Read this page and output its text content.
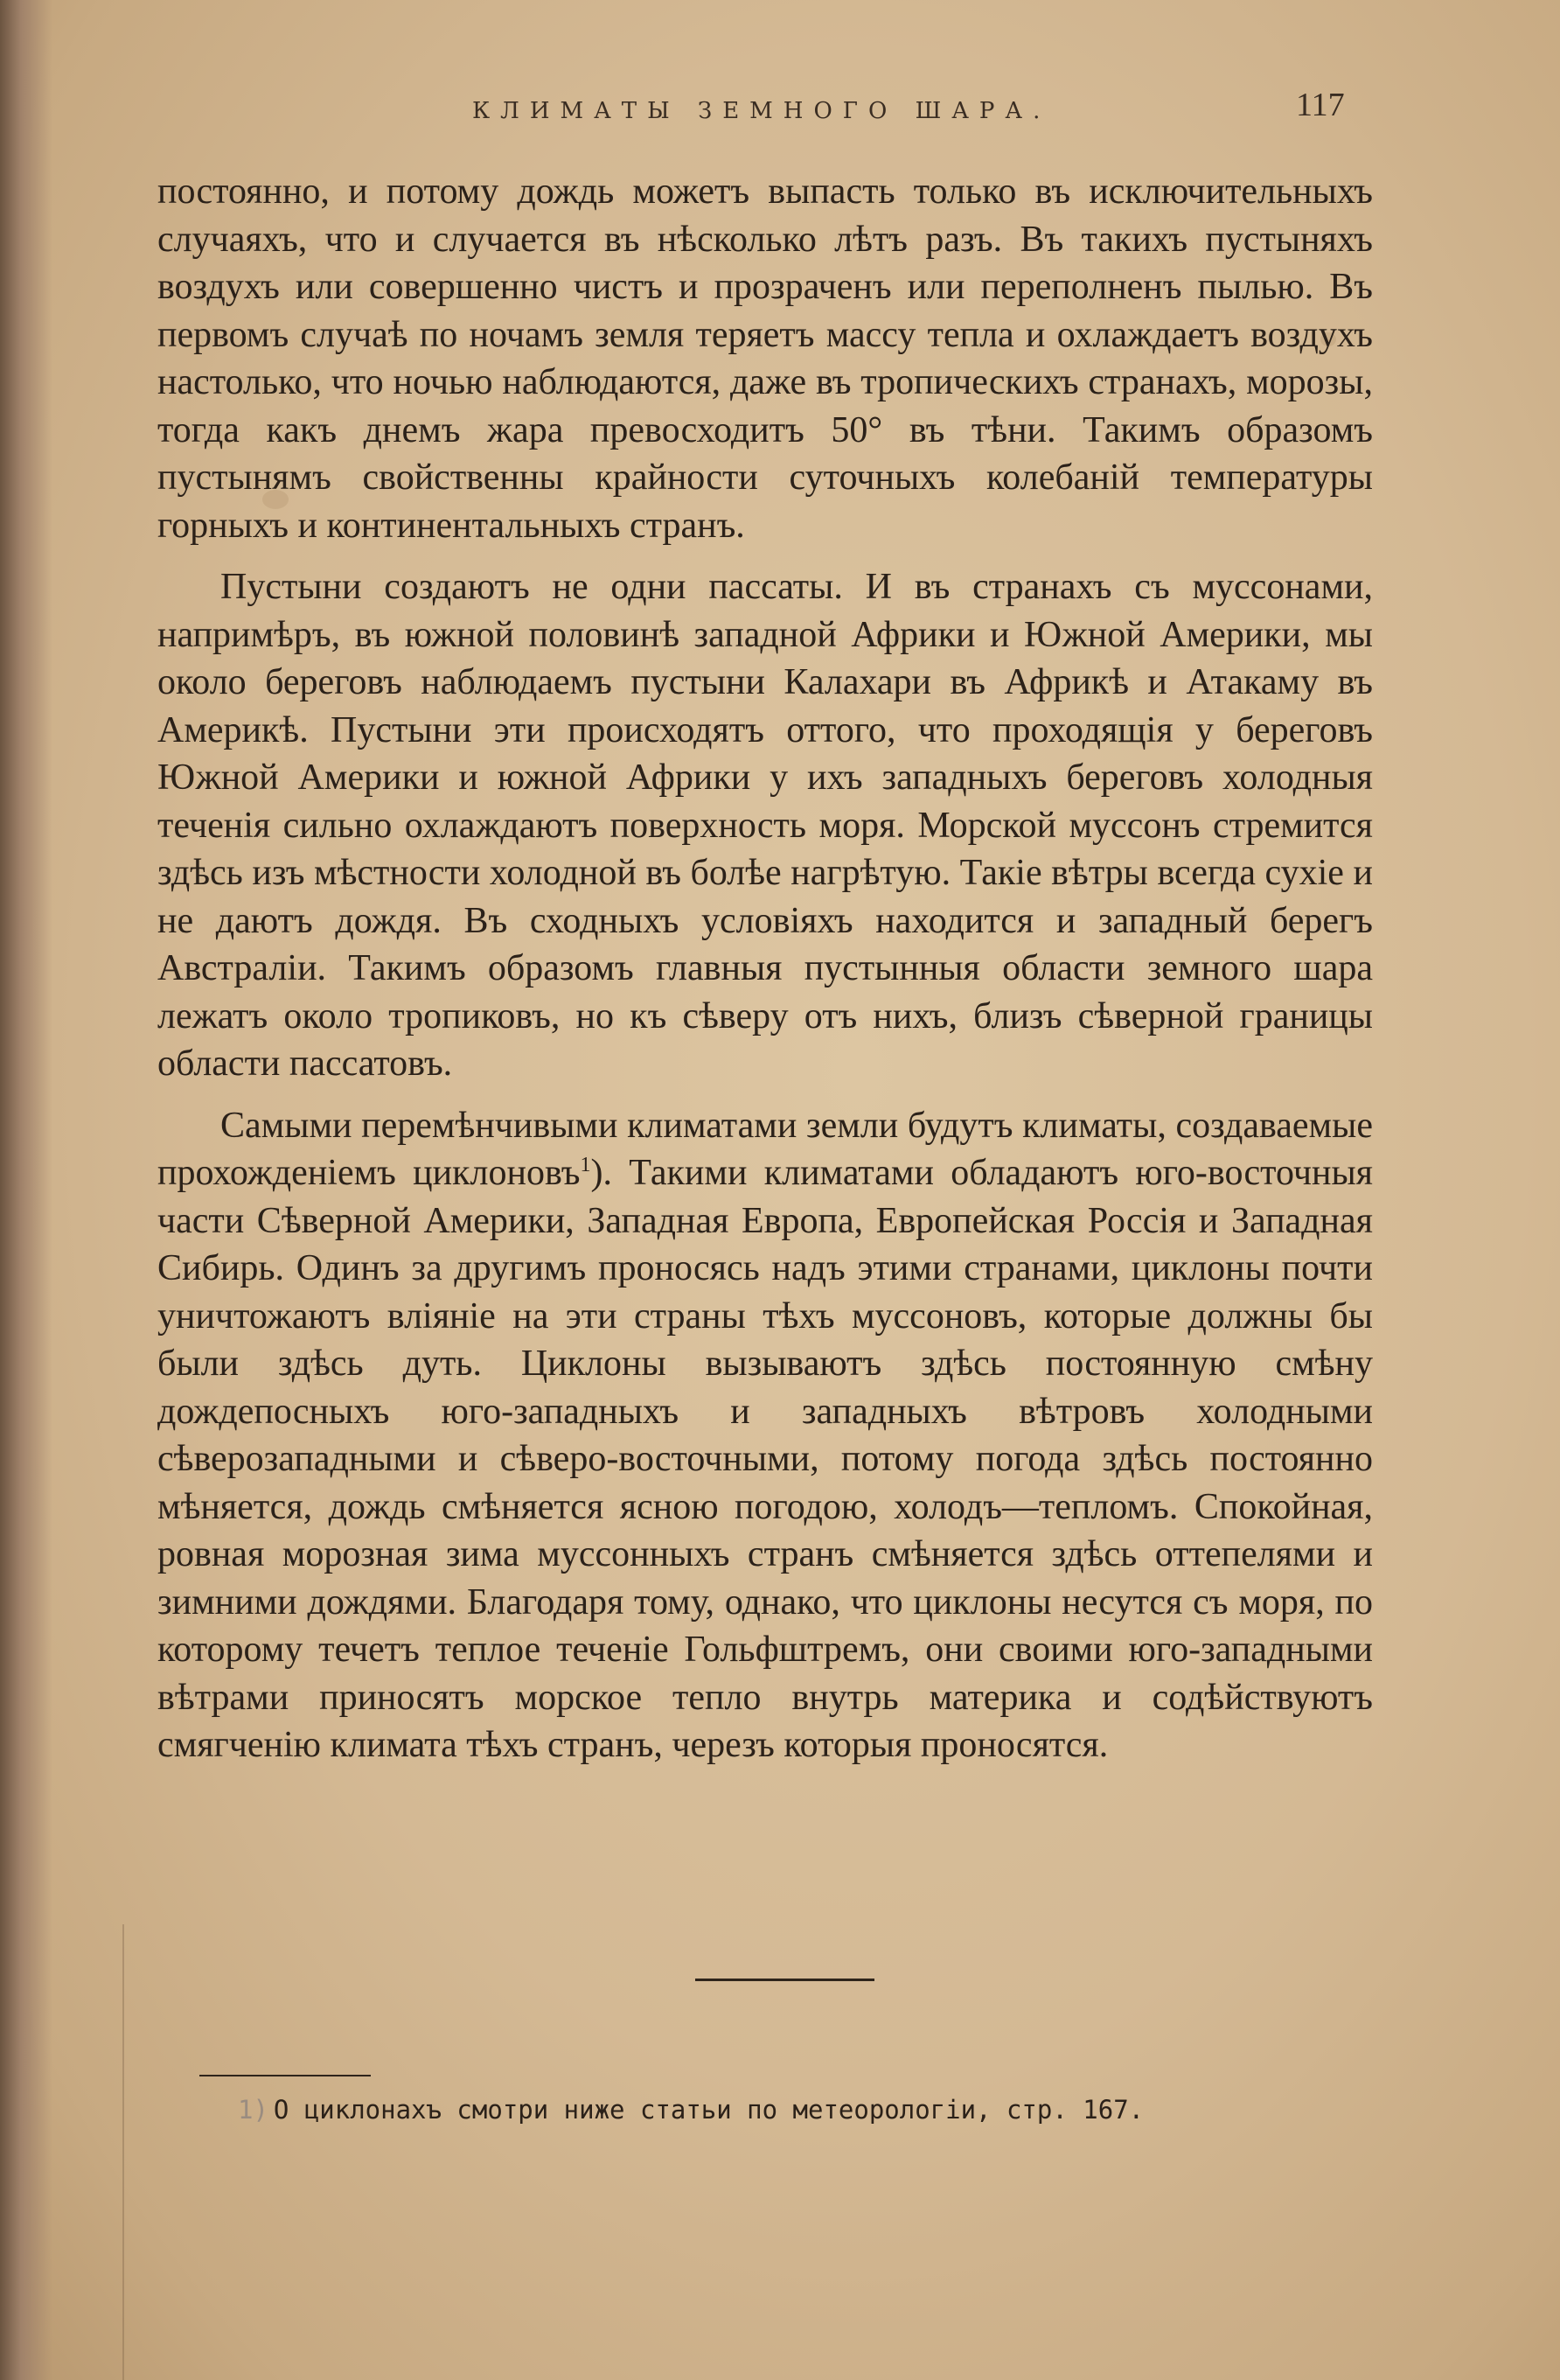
КЛИМАТЫ ЗЕМНОГО ШАРА.	117

постоянно, и потому дождь можетъ выпасть только въ исключительныхъ случаяхъ, что и случается въ нѣсколько лѣтъ разъ. Въ такихъ пустыняхъ воздухъ или совершенно чистъ и прозраченъ или переполненъ пылью. Въ первомъ случаѣ по ночамъ земля теряетъ массу тепла и охлаждаетъ воздухъ настолько, что ночью наблюдаются, даже въ тропическихъ странахъ, морозы, тогда какъ днемъ жара превосходитъ 50° въ тѣни. Такимъ образомъ пустынямъ свойственны крайности суточныхъ колебаній температуры горныхъ и континентальныхъ странъ.

Пустыни создаютъ не одни пассаты. И въ странахъ съ муссонами, напримѣръ, въ южной половинѣ западной Африки и Южной Америки, мы около береговъ наблюдаемъ пустыни Калахари въ Африкѣ и Атакаму въ Америкѣ. Пустыни эти происходятъ оттого, что проходящія у береговъ Южной Америки и южной Африки у ихъ западныхъ береговъ холодныя теченія сильно охлаждаютъ поверхность моря. Морской муссонъ стремится здѣсь изъ мѣстности холодной въ болѣе нагрѣтую. Такіе вѣтры всегда сухіе и не даютъ дождя. Въ сходныхъ условіяхъ находится и западный берегъ Австраліи. Такимъ образомъ главныя пустынныя области земного шара лежатъ около тропиковъ, но къ сѣверу отъ нихъ, близъ сѣверной границы области пассатовъ.

Самыми перемѣнчивыми климатами земли будутъ климаты, создаваемые прохожденіемъ циклоновъ$^1$). Такими климатами обладаютъ юго-восточныя части Сѣверной Америки, Западная Европа, Европейская Россія и Западная Сибирь. Одинъ за другимъ проносясь надъ этими странами, циклоны почти уничтожаютъ вліяніе на эти страны тѣхъ муссоновъ, которые должны бы были здѣсь дуть. Циклоны вызываютъ здѣсь постоянную смѣну дождепосныхъ юго-западныхъ и западныхъ вѣтровъ холодными сѣверозападными и сѣверо-восточными, потому погода здѣсь постоянно мѣняется, дождь смѣняется ясною погодою, холодъ—тепломъ. Спокойная, ровная морозная зима муссонныхъ странъ смѣняется здѣсь оттепелями и зимними дождями. Благодаря тому, однако, что циклоны несутся съ моря, по которому течетъ теплое теченіе Гольфштремъ, они своими юго-западными вѣтрами приносятъ морское тепло внутрь материка и содѣйствуютъ смягченію климата тѣхъ странъ, черезъ которыя проносятся.

1) О циклонахъ смотри ниже статьи по метеорологіи, стр. 167.
